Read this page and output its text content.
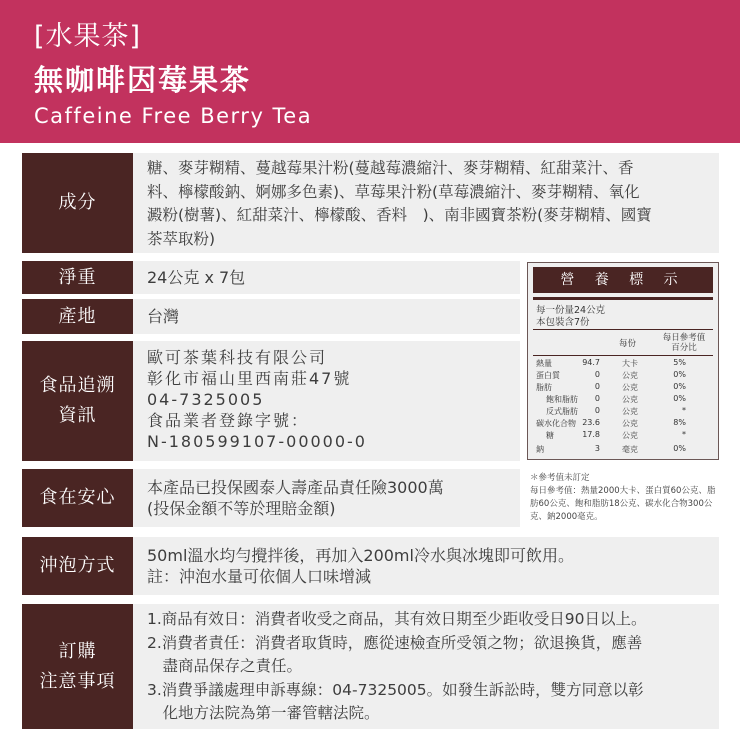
[水果茶]
無咖啡因莓果茶
Caffeine Free Berry Tea
成分
糖、麥芽糊精、蔓越莓果汁粉(蔓越莓濃縮汁、麥芽糊精、紅甜菜汁、香
料、檸檬酸鈉、婀娜多色素)、草莓果汁粉(草莓濃縮汁、麥芽糊精、氧化
澱粉(樹薯)、紅甜菜汁、檸檬酸、香料　)、南非國寶茶粉(麥芽糊精、國寶
茶萃取粉)
淨重	24公克 x 7包
產地	台灣
食品追溯
資訊
歐可茶葉科技有限公司
彰化市福山里西南莊47號
04-7325005
食品業者登錄字號：
N-180599107-00000-0
食在安心 本產品已投保國泰人壽產品責任險3000萬
(投保金額不等於理賠金額)
沖泡方式 50ml溫水均勻攪拌後，再加入200ml冷水與冰塊即可飲用。
註：沖泡水量可依個人口味增減
訂購
注意事項
1.商品有效日：消費者收受之商品，其有效日期至少距收受日90日以上。
2.消費者責任：消費者取貨時，應從速檢查所受領之物；欲退換貨，應善
　盡商品保存之責任。
3.消費爭議處理申訴專線：04-7325005。如發生訴訟時，雙方同意以彰
　化地方法院為第一審管轄法院。
營 養 標 示
每一份量24公克
本包裝含7份
每份
每日參考值
百分比
熱量	94.7	大卡	5%
蛋白質	0	公克	0%
脂肪	0	公克	0%
飽和脂肪 0	公克	0%
反式脂肪 0	公克	*
碳水化合物 23.6	公克	8%
糖	17.8	公克	*
鈉	3	毫克	0%
＊參考值未訂定
每日參考值：熱量2000大卡、蛋白質60公克、脂
肪60公克、飽和脂肪18公克、碳水化合物300公
克、鈉2000毫克。
